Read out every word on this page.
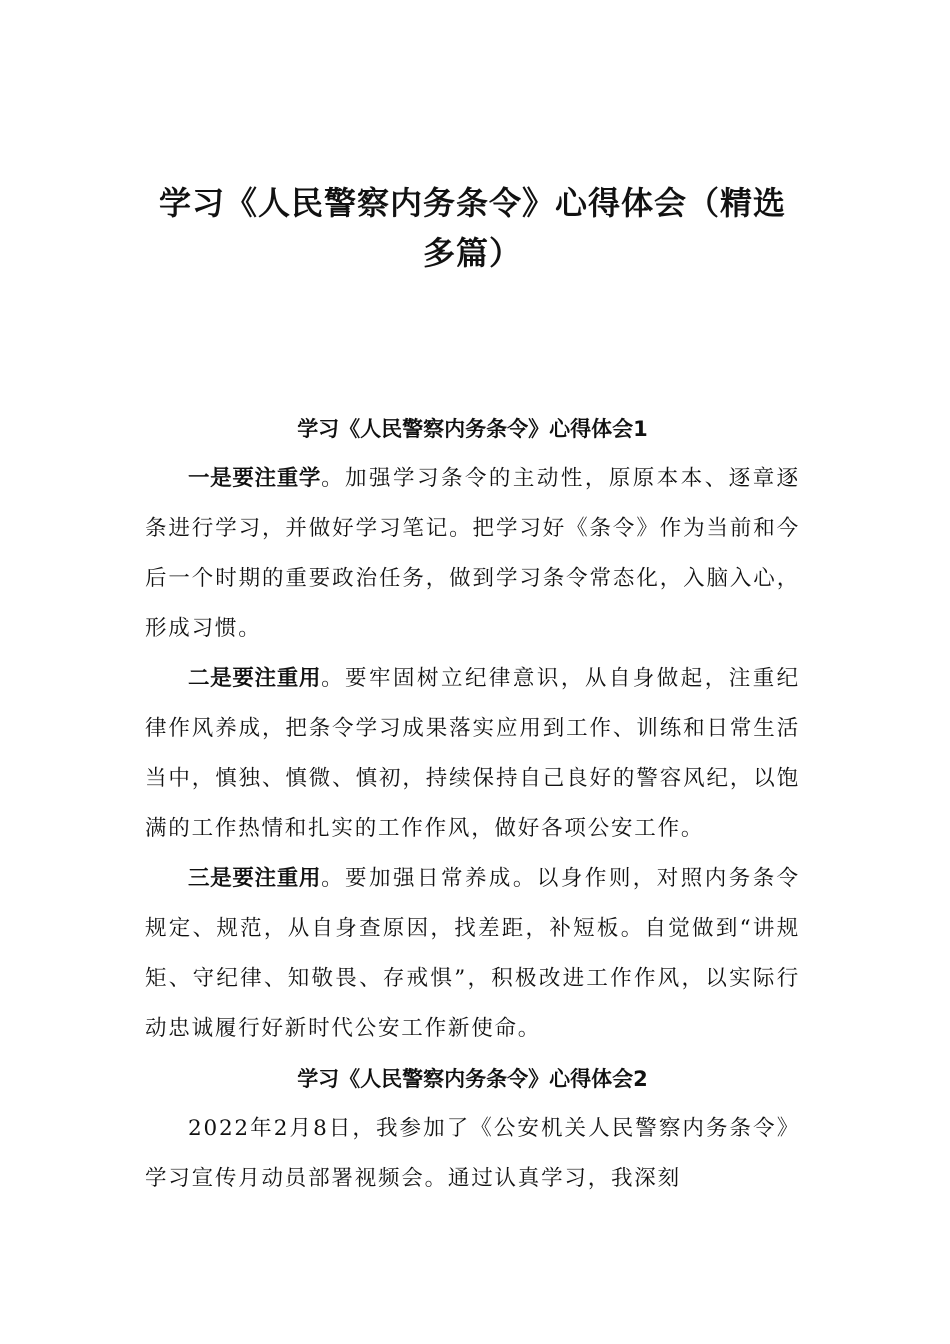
学习《人民警察内务条令》心得体会（精选多篇）
学习《人民警察内务条令》心得体会1

一是要注重学。加强学习条令的主动性，原原本本、逐章逐条进行学习，并做好学习笔记。把学习好《条令》作为当前和今后一个时期的重要政治任务，做到学习条令常态化，入脑入心，形成习惯。

二是要注重用。要牢固树立纪律意识，从自身做起，注重纪律作风养成，把条令学习成果落实应用到工作、训练和日常生活当中，慎独、慎微、慎初，持续保持自己良好的警容风纪，以饱满的工作热情和扎实的工作作风，做好各项公安工作。

三是要注重用。要加强日常养成。以身作则，对照内务条令规定、规范，从自身查原因，找差距，补短板。自觉做到“讲规矩、守纪律、知敬畏、存戒惧”，积极改进工作作风，以实际行动忠诚履行好新时代公安工作新使命。

学习《人民警察内务条令》心得体会2

2022年2月8日，我参加了《公安机关人民警察内务条令》学习宣传月动员部署视频会。通过认真学习，我深刻
